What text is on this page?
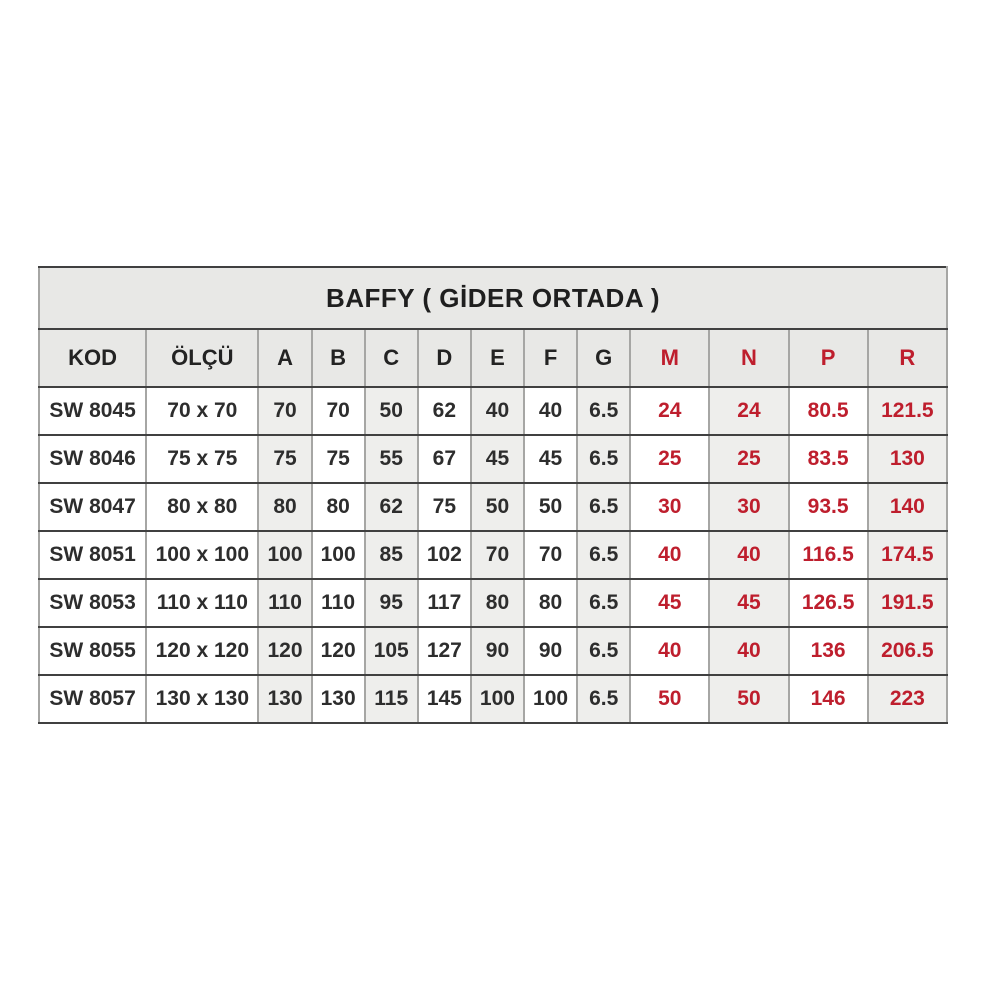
BAFFY ( GİDER ORTADA )												
KOD	ÖLÇÜ	A	B	C	D	E	F	G	M	N	P	R
SW 8045	70 x 70	70	70	50	62	40	40	6.5	24	24	80.5	121.5
SW 8046	75 x 75	75	75	55	67	45	45	6.5	25	25	83.5	130
SW 8047	80 x 80	80	80	62	75	50	50	6.5	30	30	93.5	140
SW 8051	100 x 100	100	100	85	102	70	70	6.5	40	40	116.5	174.5
SW 8053	110 x 110	110	110	95	117	80	80	6.5	45	45	126.5	191.5
SW 8055	120 x 120	120	120	105	127	90	90	6.5	40	40	136	206.5
SW 8057	130 x 130	130	130	115	145	100	100	6.5	50	50	146	223
